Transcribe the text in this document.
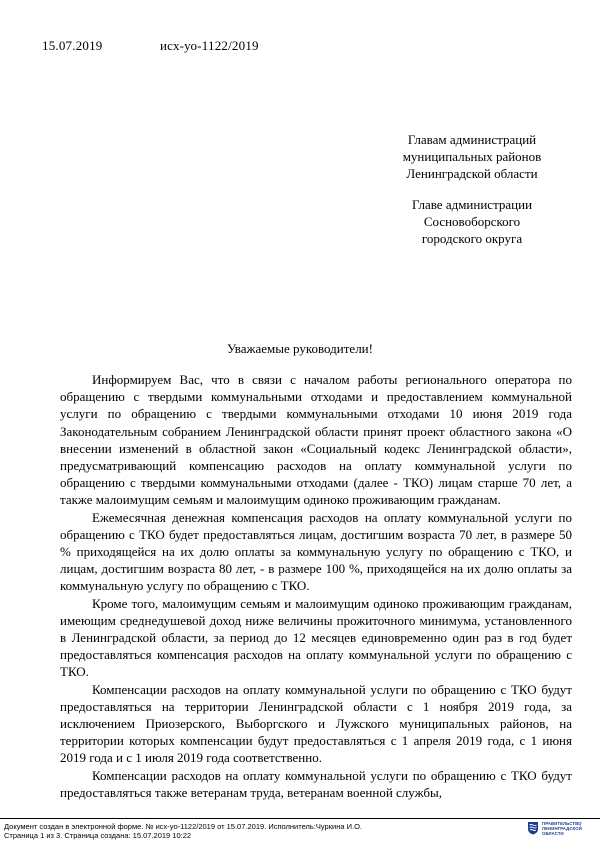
15.07.2019	исх-уо-1122/2019
Главам администраций
муниципальных районов
Ленинградской области
Главе администрации
Сосновоборского
городского округа
Уважаемые руководители!

Информируем Вас, что в связи с началом работы регионального оператора по обращению с твердыми коммунальными отходами и предоставлением коммунальной услуги по обращению с твердыми коммунальными отходами 10 июня 2019 года Законодательным собранием Ленинградской области принят проект областного закона «О внесении изменений в областной закон «Социальный кодекс Ленинградской области», предусматривающий компенсацию расходов на оплату коммунальной услуги по обращению с твердыми коммунальными отходами (далее - ТКО) лицам старше 70 лет, а также малоимущим семьям и малоимущим одиноко проживающим гражданам.

Ежемесячная денежная компенсация расходов на оплату коммунальной услуги по обращению с ТКО будет предоставляться лицам, достигшим возраста 70 лет, в размере 50 % приходящейся на их долю оплаты за коммунальную услугу по обращению с ТКО, и лицам, достигшим возраста 80 лет, - в размере 100 %, приходящейся на их долю оплаты за коммунальную услугу по обращению с ТКО.

Кроме того, малоимущим семьям и малоимущим одиноко проживающим гражданам, имеющим среднедушевой доход ниже величины прожиточного минимума, установленного в Ленинградской области, за период до 12 месяцев единовременно один раз в год будет предоставляться компенсация расходов на оплату коммунальной услуги по обращению с ТКО.

Компенсации расходов на оплату коммунальной услуги по обращению с ТКО будут предоставляться на территории Ленинградской области с 1 ноября 2019 года, за исключением Приозерского, Выборгского и Лужского муниципальных районов, на территории которых компенсации будут предоставляться с 1 апреля 2019 года, с 1 июня 2019 года и с 1 июля 2019 года соответственно.

Компенсации расходов на оплату коммунальной услуги по обращению с ТКО будут предоставляться также ветеранам труда, ветеранам военной службы,

Документ создан в электронной форме. № исх-уо-1122/2019 от 15.07.2019. Исполнитель:Чуркина И.О.
Страница 1 из 3. Страница создана: 15.07.2019 10:22
ПРАВИТЕЛЬСТВО
ЛЕНИНГРАДСКОЙ
ОБЛАСТИ
